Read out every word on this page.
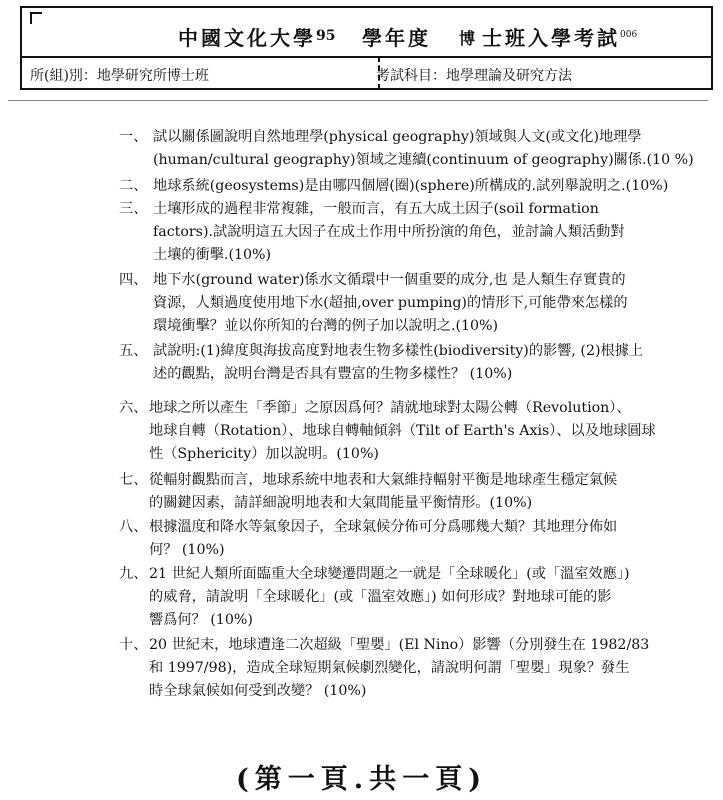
中國文化大學 95 學年度 博 士班入學考試 006
所(組)別：地學研究所博士班	考試科目：地學理論及研究方法
一、 試以關係圖說明自然地理學(physical geography)領域與人文(或文化)地理學
(human/cultural geography)領域之連續(continuum of geography)關係.(10 %)
二、 地球系統(geosystems)是由哪四個層(圈)(sphere)所構成的.試列舉說明之.(10%)
三、 土壤形成的過程非常複雜，一般而言，有五大成土因子(soil formation
factors).試說明這五大因子在成土作用中所扮演的角色，並討論人類活動對
土壤的衝擊.(10%)
四、 地下水(ground water)係水文循環中一個重要的成分,也 是人類生存實貴的
資源，人類過度使用地下水(超抽,over pumping)的情形下,可能帶來怎樣的
環境衝擊？並以你所知的台灣的例子加以說明之.(10%)
五、 試說明:(1)緯度與海拔高度對地表生物多樣性(biodiversity)的影響, (2)根據上
述的觀點，說明台灣是否具有豐富的生物多樣性？ (10%)
六、 地球之所以產生「季節」之原因爲何？請就地球對太陽公轉（Revolution）、
地球自轉（Rotation）、地球自轉軸傾斜（Tilt of Earth's Axis）、以及地球圓球
性（Sphericity）加以說明。(10%)
七、 從輻射觀點而言，地球系統中地表和大氣維持輻射平衡是地球產生穩定氣候
的關鍵因素，請詳細說明地表和大氣間能量平衡情形。(10%)
八、 根據溫度和降水等氣象因子，全球氣候分佈可分爲哪幾大類？其地理分佈如
何？ (10%)
九、 21 世紀人類所面臨重大全球變遷問題之一就是「全球暖化」(或「溫室效應」)
的威脅，請說明「全球暖化」(或「溫室效應」) 如何形成？對地球可能的影
響爲何？ (10%)
十、 20 世紀末，地球遭逢二次超級「聖嬰」(El Nino）影響（分別發生在 1982/83
和 1997/98)，造成全球短期氣候劇烈變化，請說明何謂「聖嬰」現象？發生
時全球氣候如何受到改變？ (10%)
(第一頁.共一頁)
